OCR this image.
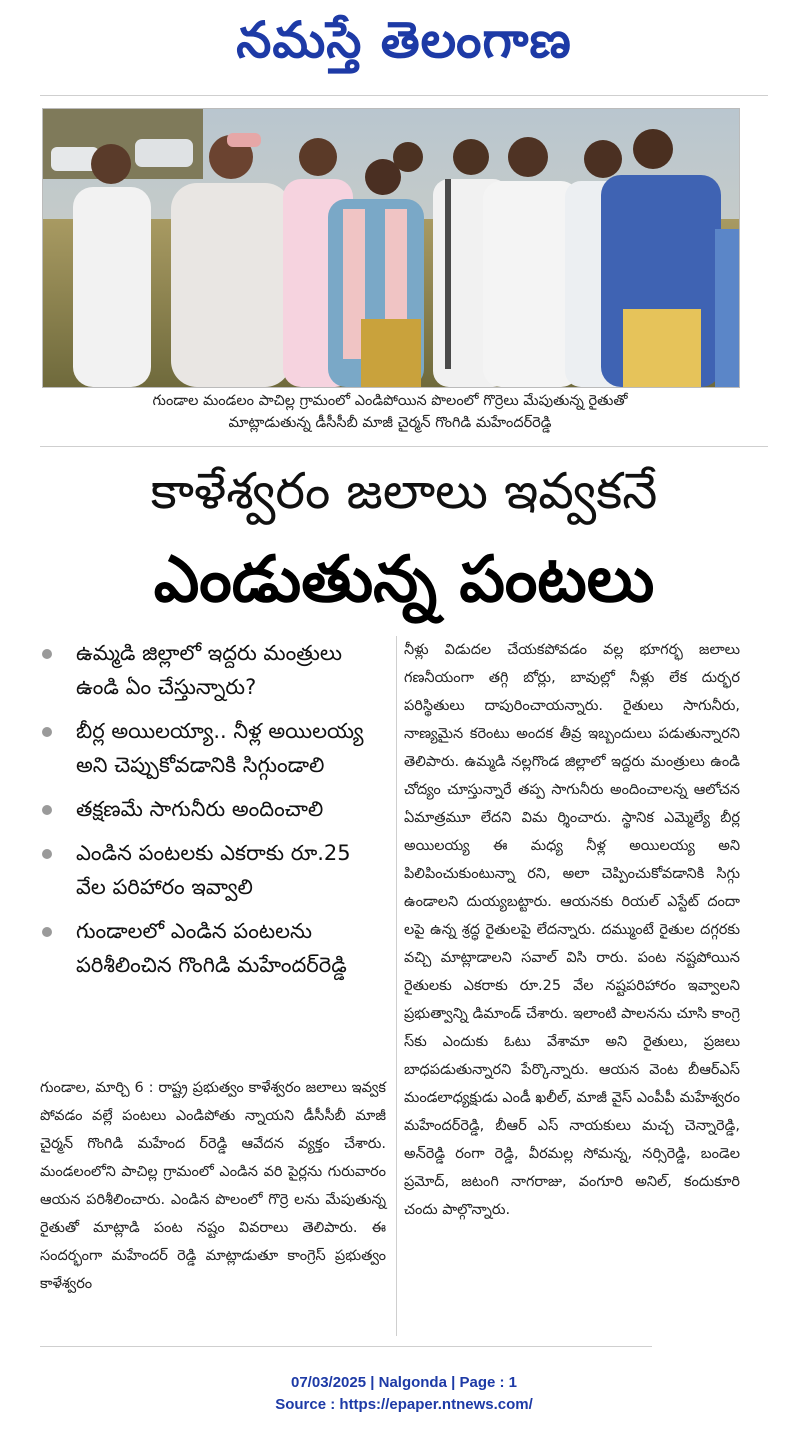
నమస్తే తెలంగాణ
గుండాల మండలం పాచిల్ల గ్రామంలో ఎండిపోయిన పొలంలో గొర్రెలు మేపుతున్న రైతుతో
మాట్లాడుతున్న డీసీసీబీ మాజీ చైర్మన్ గొంగిడి మహేందర్‌రెడ్డి
కాళేశ్వరం జలాలు ఇవ్వకనే
ఎండుతున్న పంటలు
ఉమ్మడి జిల్లాలో ఇద్దరు మంత్రులు ఉండి ఏం చేస్తున్నారు?
బీర్ల అయిలయ్యా.. నీళ్ల అయిలయ్య అని చెప్పుకోవడానికి సిగ్గుండాలి
తక్షణమే సాగునీరు అందించాలి
ఎండిన పంటలకు ఎకరాకు రూ.25 వేల పరిహారం ఇవ్వాలి
గుండాలలో ఎండిన పంటలను పరిశీలించిన గొంగిడి మహేందర్‌రెడ్డి
గుండాల, మార్చి 6 : రాష్ట్ర ప్రభుత్వం కాళేశ్వరం జలాలు ఇవ్వక పోవడం వల్లే పంటలు ఎండిపోతు న్నాయని డీసీసీబీ మాజీ చైర్మన్ గొంగిడి మహేంద ర్‌రెడ్డి ఆవేదన వ్యక్తం చేశారు. మండలంలోని పాచిల్ల గ్రామంలో ఎండిన వరి పైర్లను గురువారం ఆయన పరిశీలించారు. ఎండిన పొలంలో గొర్రె లను మేపుతున్న రైతుతో మాట్లాడి పంట నష్టం వివరాలు తెలిపారు. ఈ సందర్భంగా మహేందర్ రెడ్డి మాట్లాడుతూ కాంగ్రెస్ ప్రభుత్వం కాళేశ్వరం
నీళ్లు విడుదల చేయకపోవడం వల్ల భూగర్భ జలాలు గణనీయంగా తగ్గి బోర్లు, బావుల్లో నీళ్లు లేక దుర్భర పరిస్థితులు దాపురించాయన్నారు. రైతులు సాగునీరు, నాణ్యమైన కరెంటు అందక తీవ్ర ఇబ్బందులు పడుతున్నారని తెలిపారు. ఉమ్మడి నల్లగొండ జిల్లాలో ఇద్దరు మంత్రులు ఉండి చోద్యం చూస్తున్నారే తప్ప సాగునీరు అందించాలన్న ఆలోచన ఏమాత్రమూ లేదని విమ ర్శించారు. స్థానిక ఎమ్మెల్యే బీర్ల అయిలయ్య ఈ మధ్య నీళ్ల అయిలయ్య అని పిలిపించుకుంటున్నా రని, అలా చెప్పించుకోవడానికి సిగ్గు ఉండాలని దుయ్యబట్టారు. ఆయనకు రియల్ ఎస్టేట్ దందా లపై ఉన్న శ్రద్ధ రైతులపై లేదన్నారు. దమ్ముంటే రైతుల దగ్గరకు వచ్చి మాట్లాడాలని సవాల్ విసి రారు. పంట నష్టపోయిన రైతులకు ఎకరాకు రూ.25 వేల నష్టపరిహారం ఇవ్వాలని ప్రభుత్వాన్ని డిమాండ్ చేశారు. ఇలాంటి పాలనను చూసి కాంగ్రె స్‌కు ఎందుకు ఓటు వేశామా అని రైతులు, ప్రజలు బాధపడుతున్నారని పేర్కొన్నారు. ఆయన వెంట బీఆర్ఎస్ మండలాధ్యక్షుడు ఎండీ ఖలీల్, మాజీ వైస్ ఎంపీపీ మహేశ్వరం మహేందర్‌రెడ్డి, బీఆర్ ఎస్ నాయకులు మచ్చ చెన్నారెడ్డి, అన్‌రెడ్డి రంగా రెడ్డి, వీరమల్ల సోమన్న, నర్సిరెడ్డి, బండెల ప్రమోద్, జటంగి నాగరాజు, వంగూరి అనిల్, కందుకూరి చందు పాల్గొన్నారు.
07/03/2025 | Nalgonda | Page : 1
Source : https://epaper.ntnews.com/
